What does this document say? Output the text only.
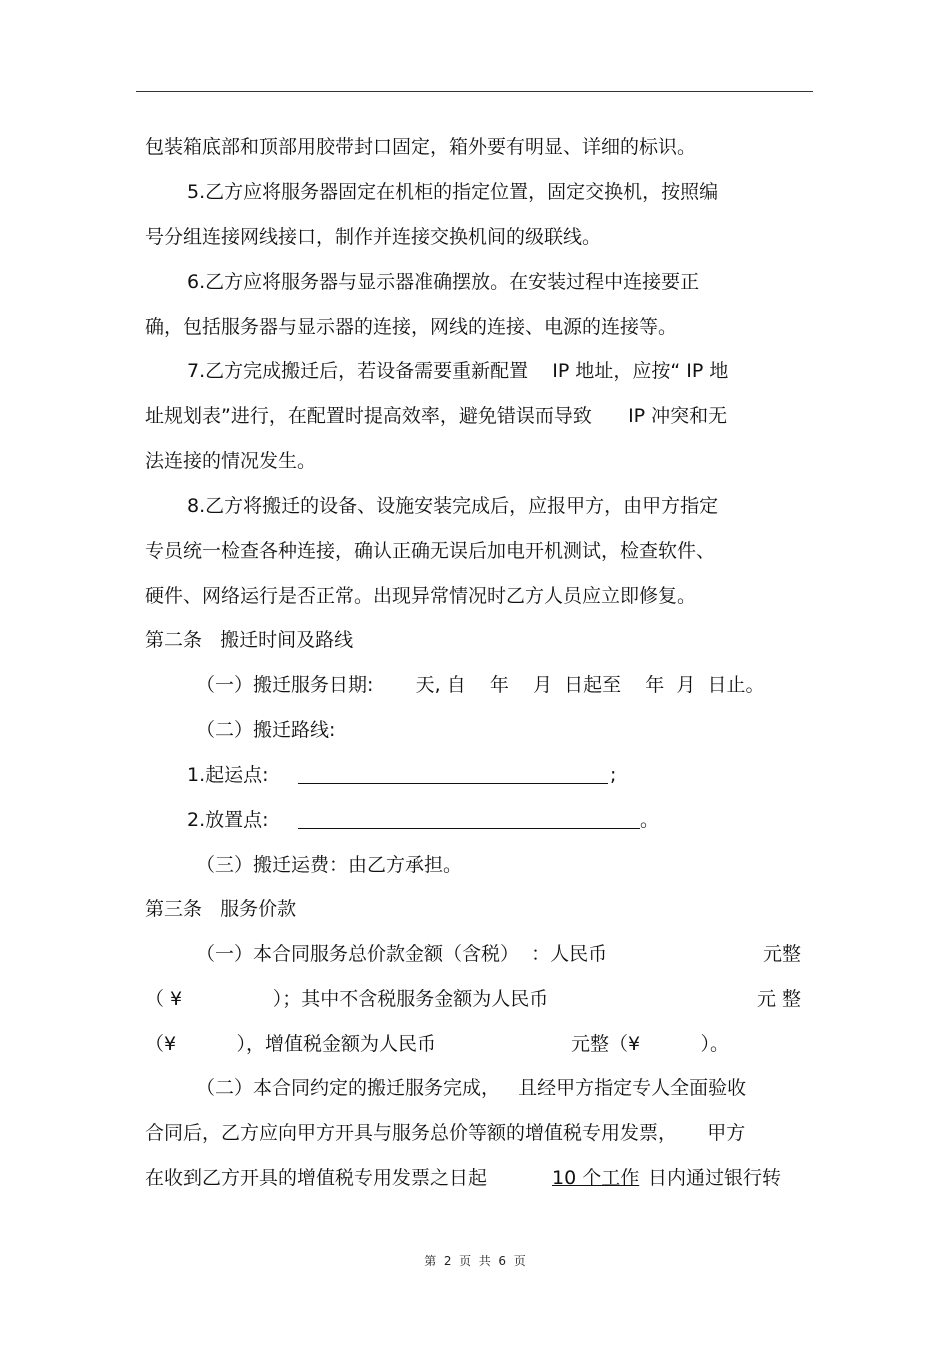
包装箱底部和顶部用胶带封口固定，箱外要有明显、详细的标识。
5.乙方应将服务器固定在机柜的指定位置，固定交换机，按照编
号分组连接网线接口，制作并连接交换机间的级联线。
6.乙方应将服务器与显示器准确摆放。在安装过程中连接要正
确，包括服务器与显示器的连接，网线的连接、电源的连接等。
7.乙方完成搬迁后，若设备需要重新配置    IP 地址，应按“ IP 地
址规划表”进行，在配置时提高效率，避免错误而导致      IP 冲突和无
法连接的情况发生。
8.乙方将搬迁的设备、设施安装完成后，应报甲方，由甲方指定
专员统一检查各种连接，确认正确无误后加电开机测试，检查软件、
硬件、网络运行是否正常。出现异常情况时乙方人员应立即修复。
第二条   搬迁时间及路线
（一）搬迁服务日期:       天, 自    年    月  日起至    年  月  日止。
（二）搬迁路线:
1.起运点:	;
2.放置点:	。
（三）搬迁运费：由乙方承担。
第三条   服务价款
（一）本合同服务总价款金额（含税）  ：人民币	元整
（ ¥               ）；其中不含税服务金额为人民币	元 整
（¥          ），增值税金额为人民币	元整（¥          ）。
（二）本合同约定的搬迁服务完成，   且经甲方指定专人全面验收
合同后，乙方应向甲方开具与服务总价等额的增值税专用发票，     甲方
在收到乙方开具的增值税专用发票之日起	10 个工作 日内通过银行转
第  2  页  共  6  页
